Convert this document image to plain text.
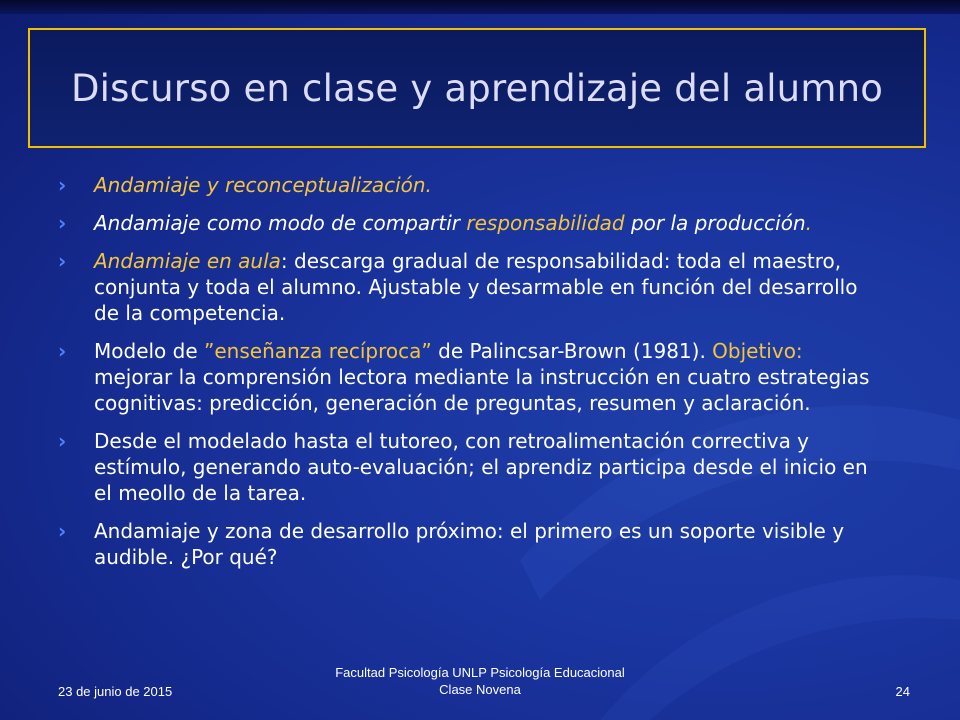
Discurso en clase y aprendizaje del alumno
› Andamiaje y reconceptualización.
› Andamiaje como modo de compartir responsabilidad por la producción.
› Andamiaje en aula: descarga gradual de responsabilidad: toda el maestro, conjunta y toda el alumno. Ajustable y desarmable en función del desarrollo de la competencia.
› Modelo de ”enseñanza recíproca” de Palincsar-Brown (1981). Objetivo: mejorar la comprensión lectora mediante la instrucción en cuatro estrategias cognitivas: predicción, generación de preguntas, resumen y aclaración.
› Desde el modelado hasta el tutoreo, con retroalimentación correctiva y estímulo, generando auto-evaluación; el aprendiz participa desde el inicio en el meollo de la tarea.
› Andamiaje y zona de desarrollo próximo: el primero es un soporte visible y audible. ¿Por qué?
23 de junio de 2015
Facultad Psicología UNLP Psicología Educacional
Clase Novena	24
